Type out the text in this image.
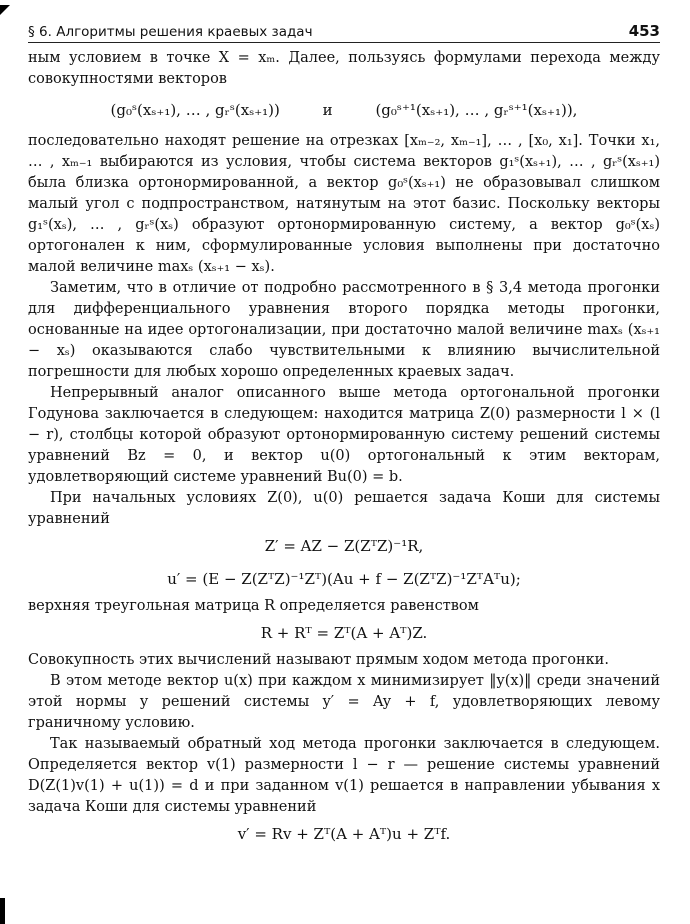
§ 6. Алгоритмы решения краевых задач	453

ным условием в точке X = xₘ. Далее, пользуясь формулами перехода между совокупностями векторов

(g₀ˢ(xₛ₊₁), … , gᵣˢ(xₛ₊₁))	и	(g₀ˢ⁺¹(xₛ₊₁), … , gᵣˢ⁺¹(xₛ₊₁)),

последовательно находят решение на отрезках [xₘ₋₂, xₘ₋₁], … , [x₀, x₁]. Точки x₁, … , xₘ₋₁ выбираются из условия, чтобы система векторов g₁ˢ(xₛ₊₁), … , gᵣˢ(xₛ₊₁) была близка ортонормированной, а вектор g₀ˢ(xₛ₊₁) не образовывал слишком малый угол с подпространством, натянутым на этот базис. Поскольку векторы g₁ˢ(xₛ), … , gᵣˢ(xₛ) образуют ортонормированную систему, а вектор g₀ˢ(xₛ) ортогонален к ним, сформулированные условия выполнены при достаточно малой величине maxₛ (xₛ₊₁ − xₛ).

Заметим, что в отличие от подробно рассмотренного в § 3,4 метода прогонки для дифференциального уравнения второго порядка методы прогонки, основанные на идее ортогонализации, при достаточно малой величине maxₛ (xₛ₊₁ − xₛ) оказываются слабо чувствительными к влиянию вычислительной погрешности для любых хорошо определенных краевых задач.

Непрерывный аналог описанного выше метода ортогональной прогонки Годунова заключается в следующем: находится матрица Z(0) размерности l × (l − r), столбцы которой образуют ортонормированную систему решений системы уравнений Bz = 0, и вектор u(0) ортогональный к этим векторам, удовлетворяющий системе уравнений Bu(0) = b.

При начальных условиях Z(0), u(0) решается задача Коши для системы уравнений

Z′ = AZ − Z(ZᵀZ)⁻¹R,
u′ = (E − Z(ZᵀZ)⁻¹Zᵀ)(Au + f − Z(ZᵀZ)⁻¹ZᵀAᵀu);

верхняя треугольная матрица R определяется равенством

R + Rᵀ = Zᵀ(A + Aᵀ)Z.

Совокупность этих вычислений называют прямым ходом метода прогонки.

В этом методе вектор u(x) при каждом x минимизирует ‖y(x)‖ среди значений этой нормы у решений системы y′ = Ay + f, удовлетворяющих левому граничному условию.

Так называемый обратный ход метода прогонки заключается в следующем. Определяется вектор v(1) размерности l − r — решение системы уравнений D(Z(1)v(1) + u(1)) = d и при заданном v(1) решается в направлении убывания x задача Коши для системы уравнений

v′ = Rv + Zᵀ(A + Aᵀ)u + Zᵀf.
